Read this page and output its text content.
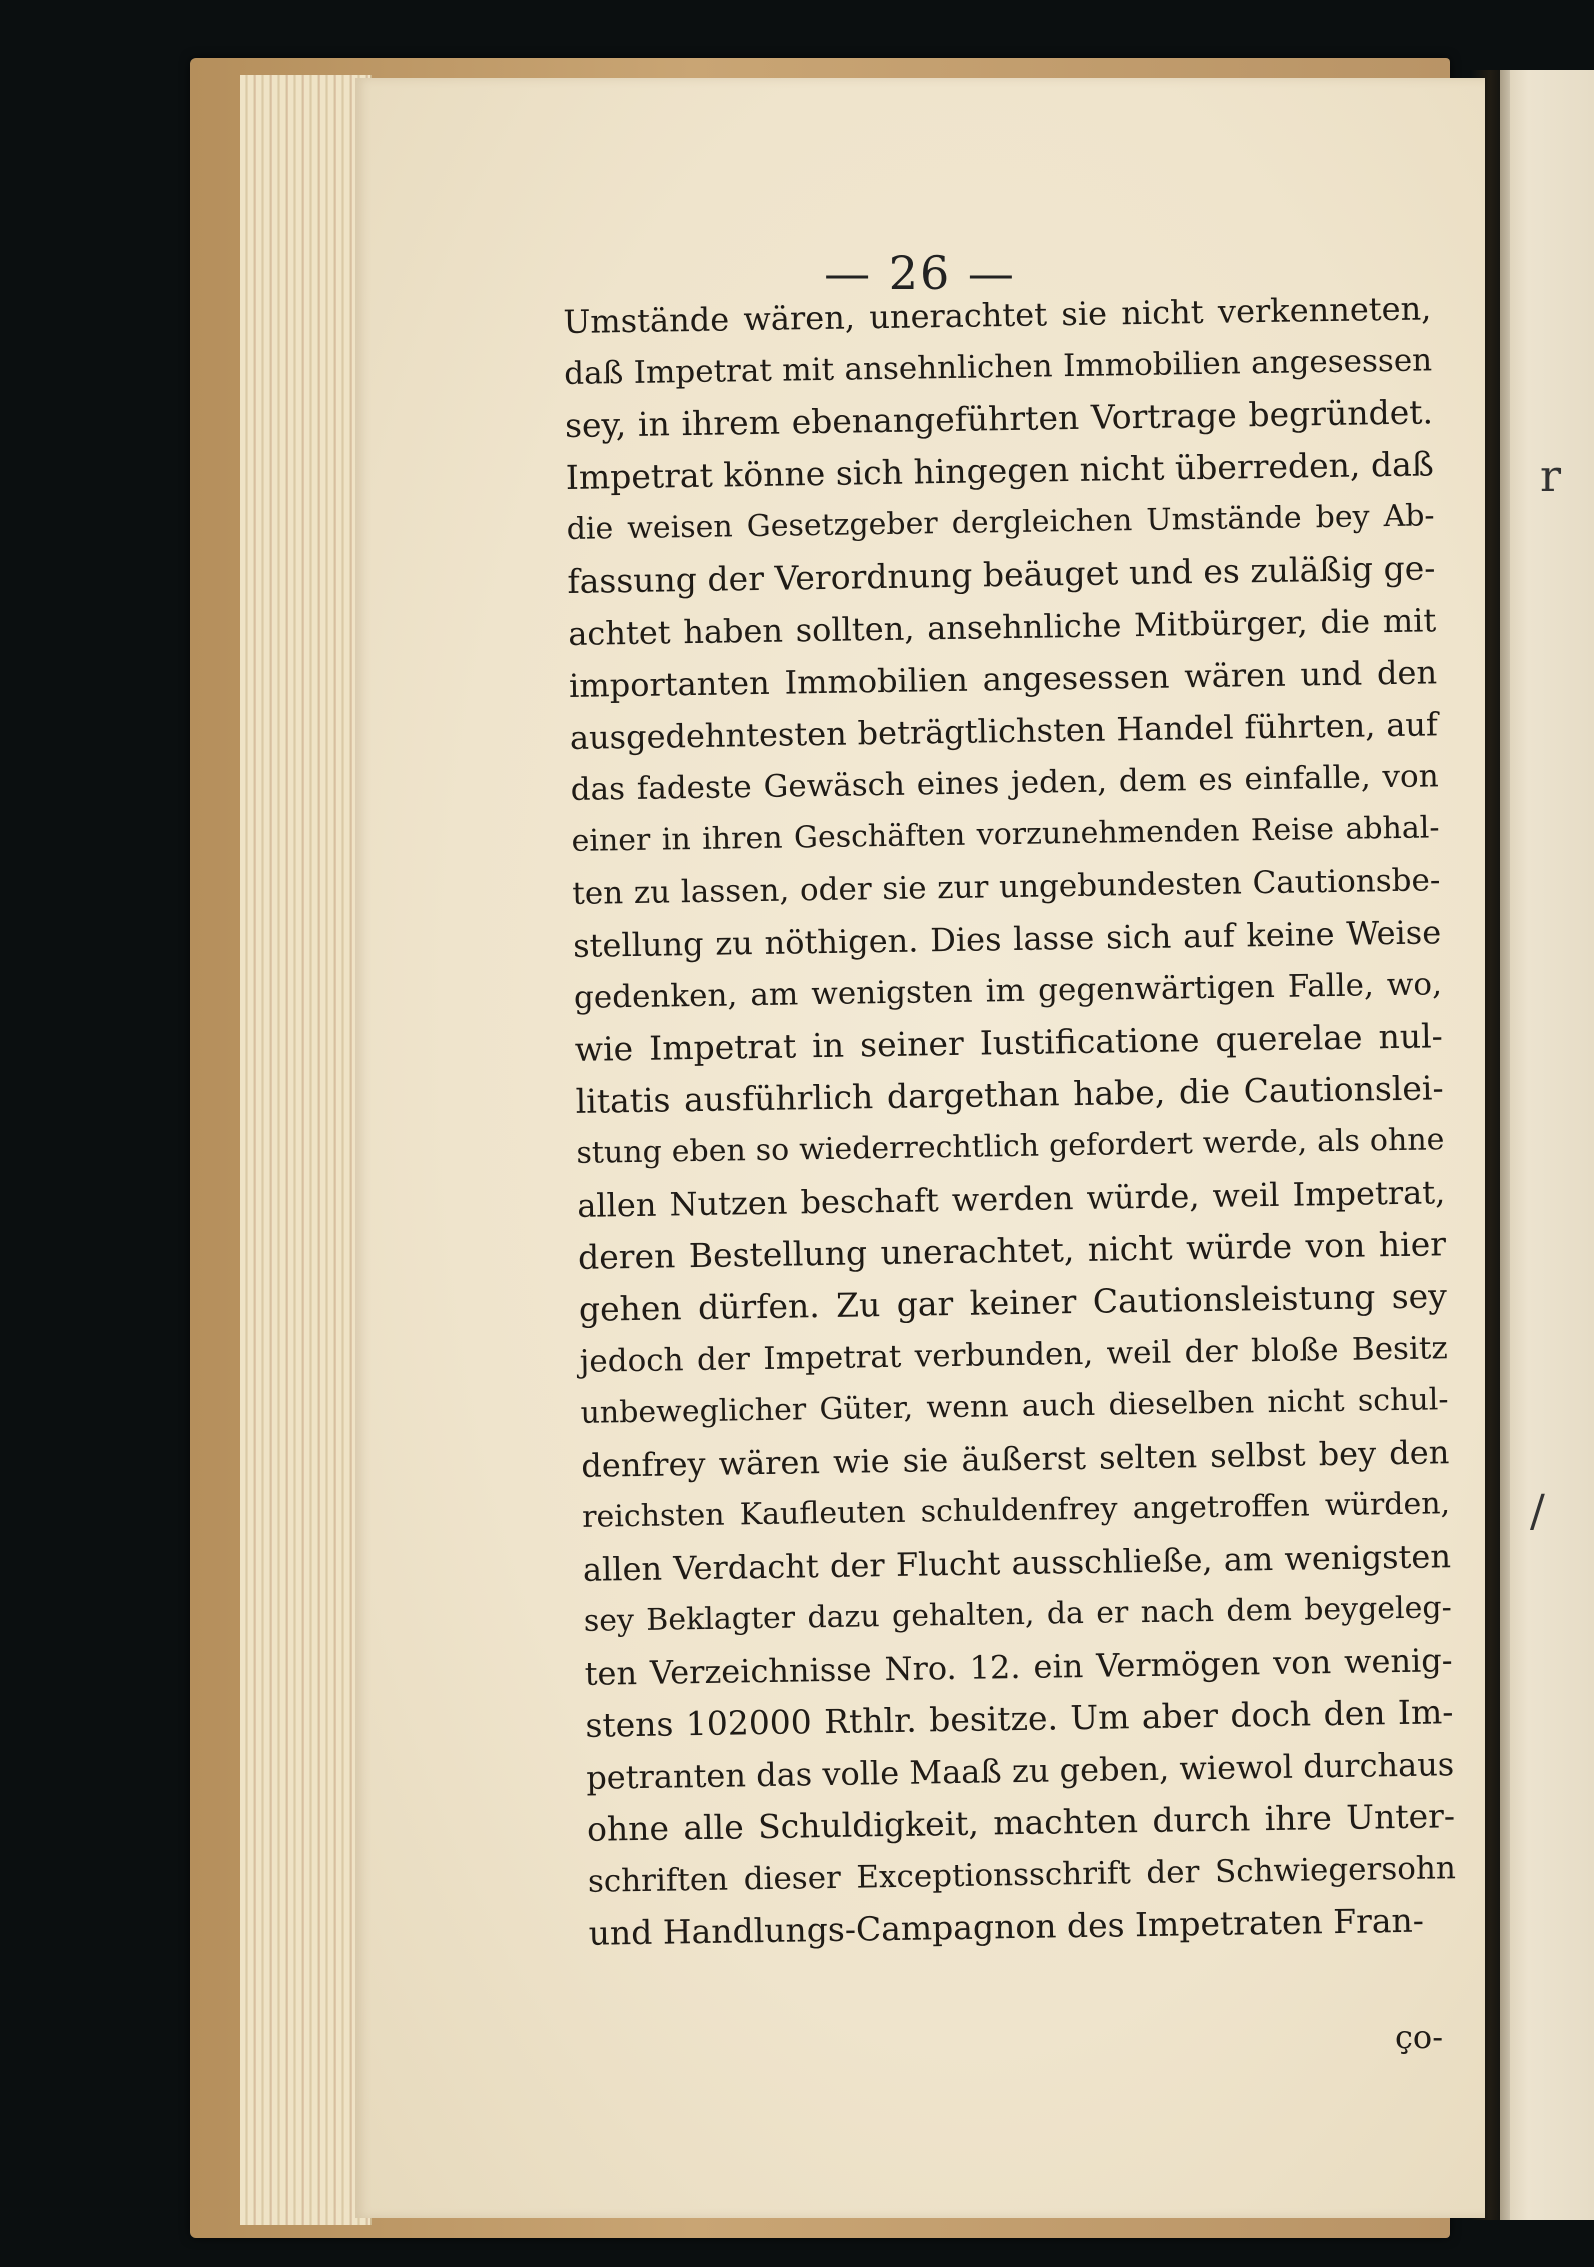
r
/
— 26 —
Umstände wären, unerachtet sie nicht verkenneten,
daß Impetrat mit ansehnlichen Immobilien angesessen
sey, in ihrem ebenangeführten Vortrage begründet.
Impetrat könne sich hingegen nicht überreden, daß
die weisen Gesetzgeber dergleichen Umstände bey Ab-
fassung der Verordnung beäuget und es zuläßig ge-
achtet haben sollten, ansehnliche Mitbürger, die mit
importanten Immobilien angesessen wären und den
ausgedehntesten beträgtlichsten Handel führten, auf
das fadeste Gewäsch eines jeden, dem es einfalle, von
einer in ihren Geschäften vorzunehmenden Reise abhal-
ten zu lassen, oder sie zur ungebundesten Cautionsbe-
stellung zu nöthigen. Dies lasse sich auf keine Weise
gedenken, am wenigsten im gegenwärtigen Falle, wo,
wie Impetrat in seiner Iustificatione querelae nul-
litatis ausführlich dargethan habe, die Cautionslei-
stung eben so wiederrechtlich gefordert werde, als ohne
allen Nutzen beschaft werden würde, weil Impetrat,
deren Bestellung unerachtet, nicht würde von hier
gehen dürfen. Zu gar keiner Cautionsleistung sey
jedoch der Impetrat verbunden, weil der bloße Besitz
unbeweglicher Güter, wenn auch dieselben nicht schul-
denfrey wären wie sie äußerst selten selbst bey den
reichsten Kaufleuten schuldenfrey angetroffen würden,
allen Verdacht der Flucht ausschließe, am wenigsten
sey Beklagter dazu gehalten, da er nach dem beygeleg-
ten Verzeichnisse Nro. 12. ein Vermögen von wenig-
stens 102000 Rthlr. besitze. Um aber doch den Im-
petranten das volle Maaß zu geben, wiewol durchaus
ohne alle Schuldigkeit, machten durch ihre Unter-
schriften dieser Exceptionsschrift der Schwiegersohn
und Handlungs-Campagnon des Impetraten Fran-
ço-
